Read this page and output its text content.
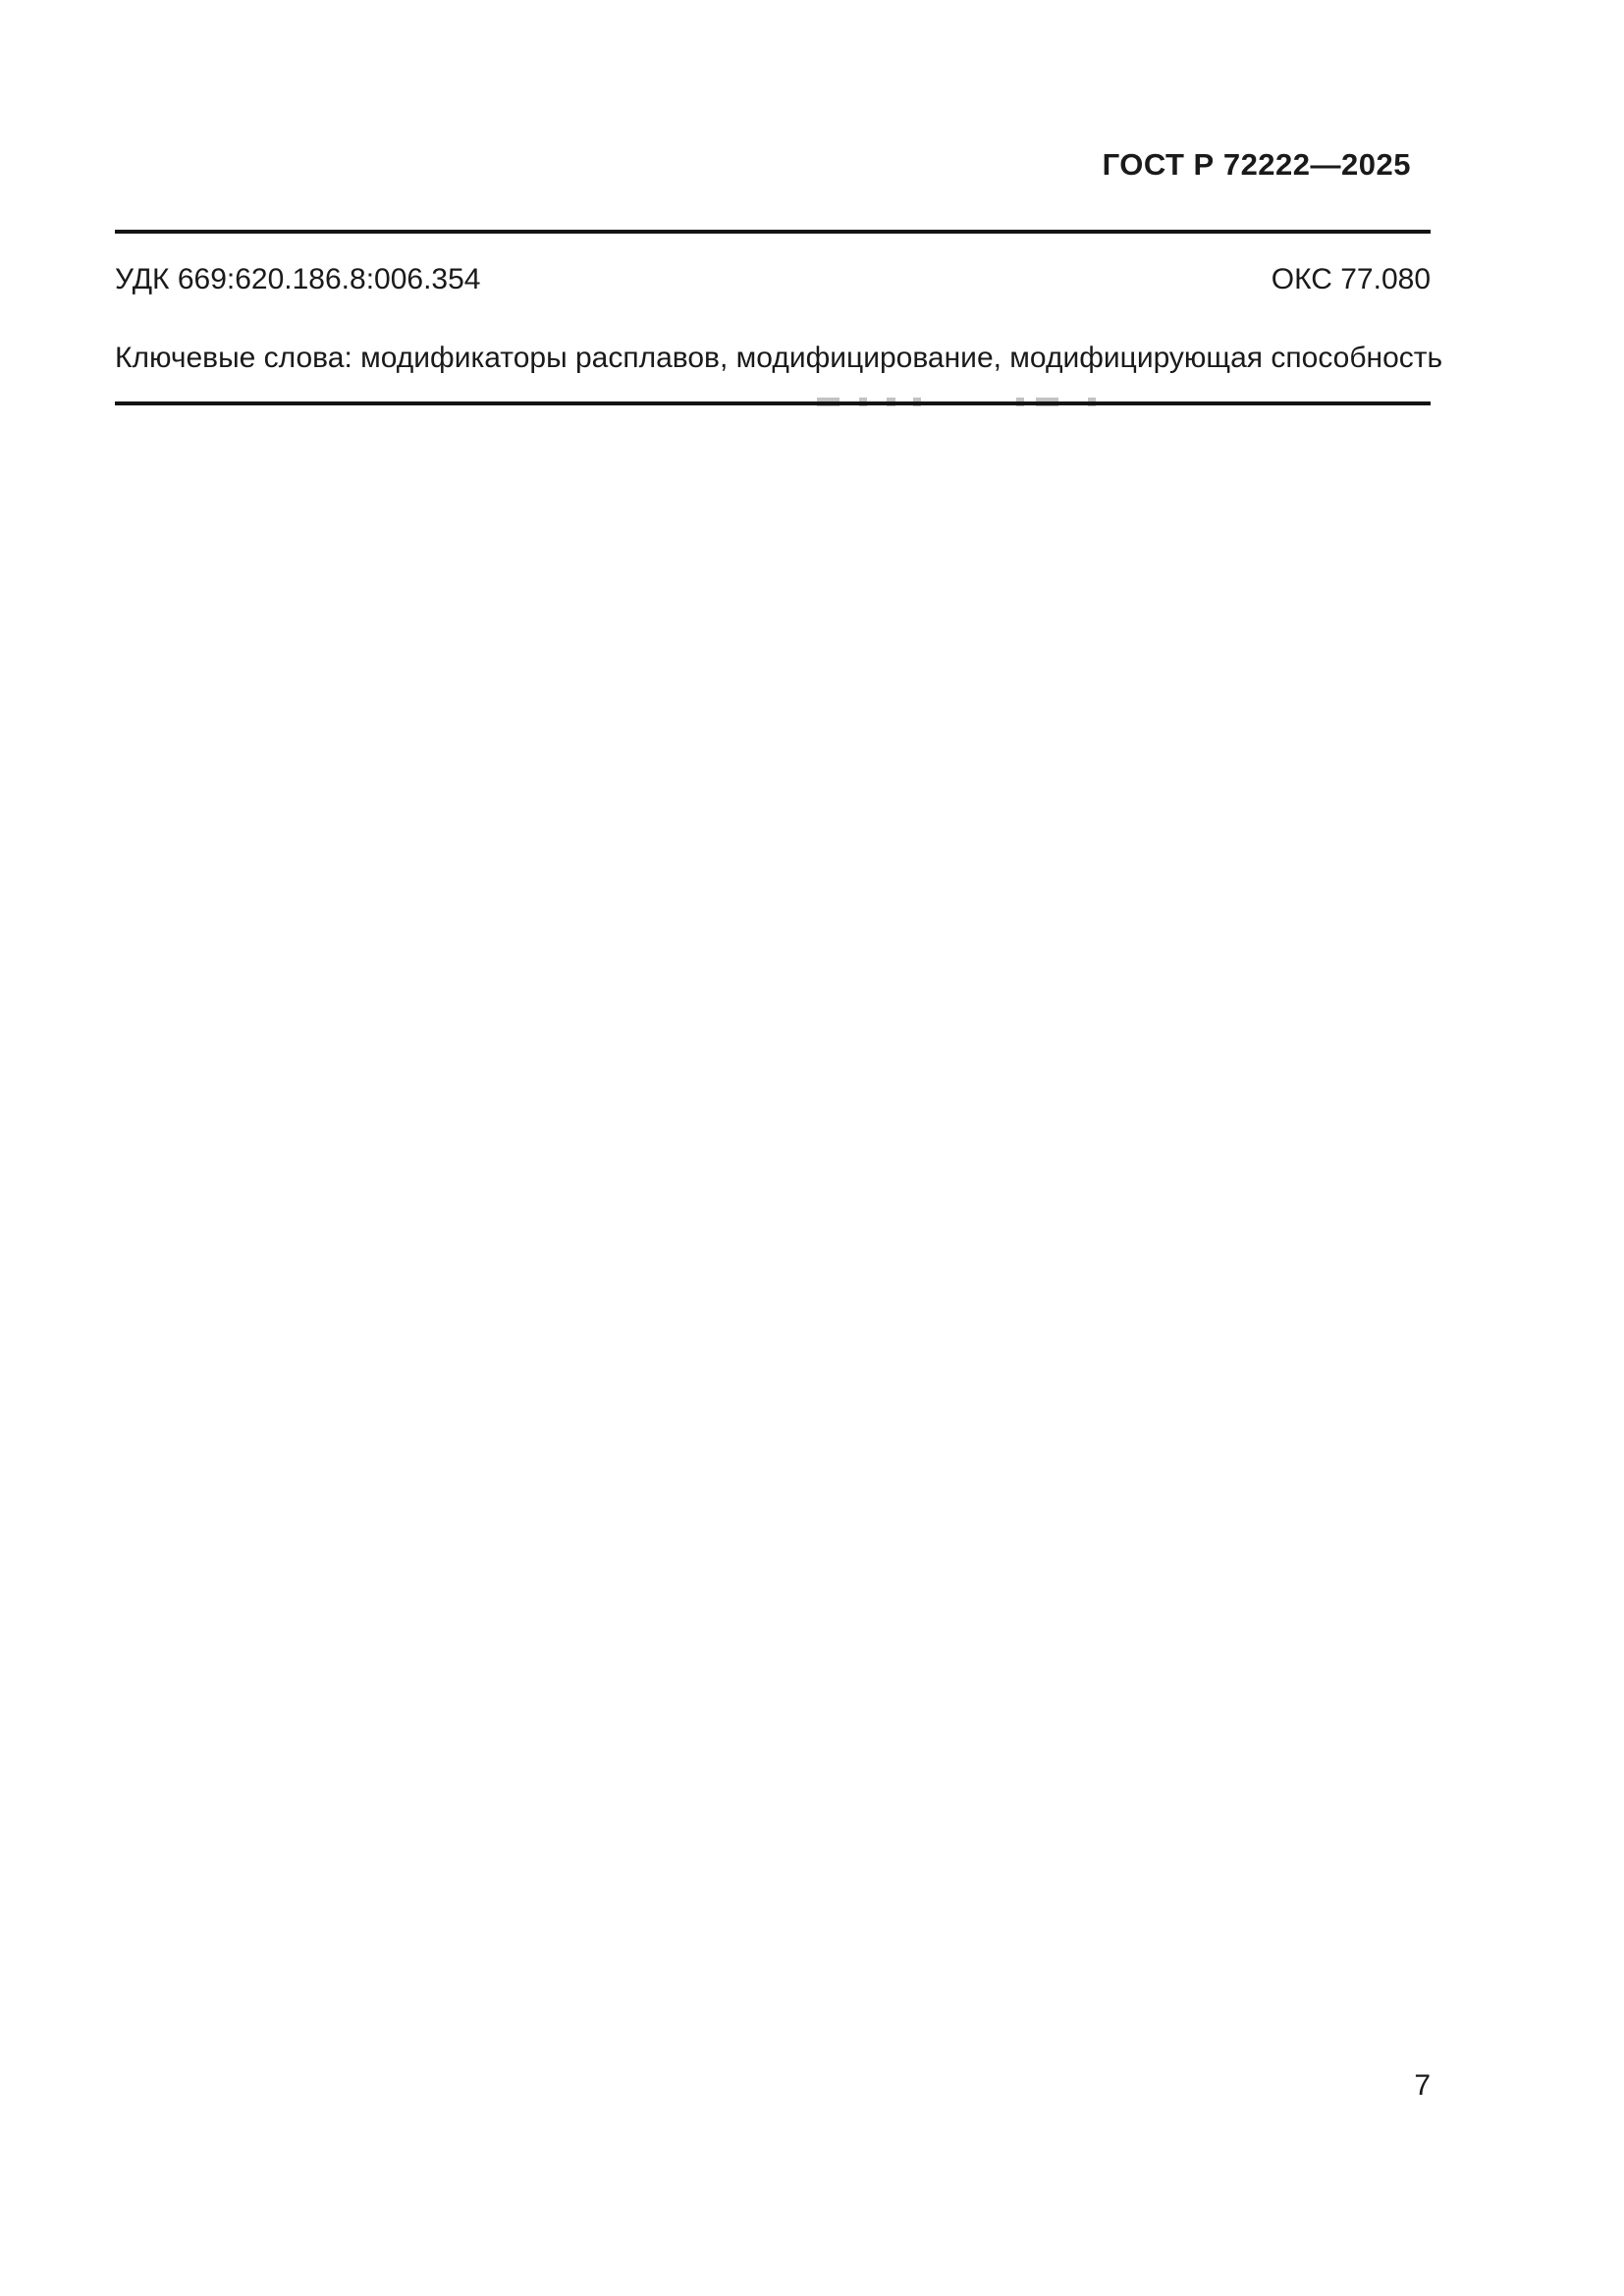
ГОСТ Р 72222—2025
УДК 669:620.186.8:006.354	ОКС 77.080
Ключевые слова: модификаторы расплавов, модифицирование, модифицирующая способность
7
